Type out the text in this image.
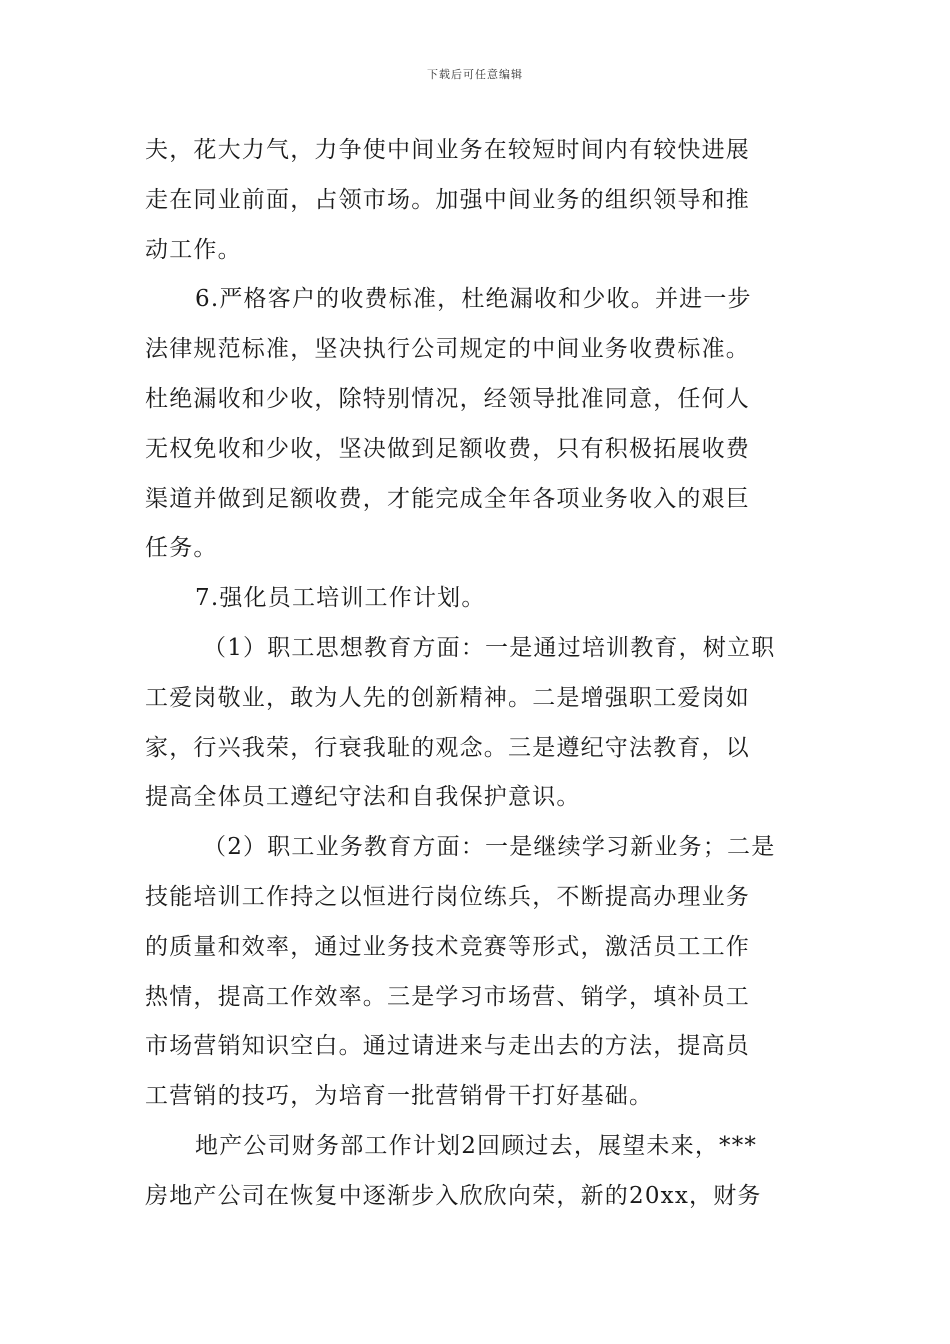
下载后可任意编辑
夫，花大力气，力争使中间业务在较短时间内有较快进展
走在同业前面，占领市场。加强中间业务的组织领导和推
动工作。
6.严格客户的收费标准，杜绝漏收和少收。并进一步
法律规范标准，坚决执行公司规定的中间业务收费标准。
杜绝漏收和少收，除特别情况，经领导批准同意，任何人
无权免收和少收，坚决做到足额收费，只有积极拓展收费
渠道并做到足额收费，才能完成全年各项业务收入的艰巨
任务。
7.强化员工培训工作计划。
（1）职工思想教育方面：一是通过培训教育，树立职
工爱岗敬业，敢为人先的创新精神。二是增强职工爱岗如
家，行兴我荣，行衰我耻的观念。三是遵纪守法教育，以
提高全体员工遵纪守法和自我保护意识。
（2）职工业务教育方面：一是继续学习新业务；二是
技能培训工作持之以恒进行岗位练兵，不断提高办理业务
的质量和效率，通过业务技术竞赛等形式，激活员工工作
热情，提高工作效率。三是学习市场营、销学，填补员工
市场营销知识空白。通过请进来与走出去的方法，提高员
工营销的技巧，为培育一批营销骨干打好基础。
地产公司财务部工作计划2回顾过去，展望未来，***
房地产公司在恢复中逐渐步入欣欣向荣，新的20xx，财务
